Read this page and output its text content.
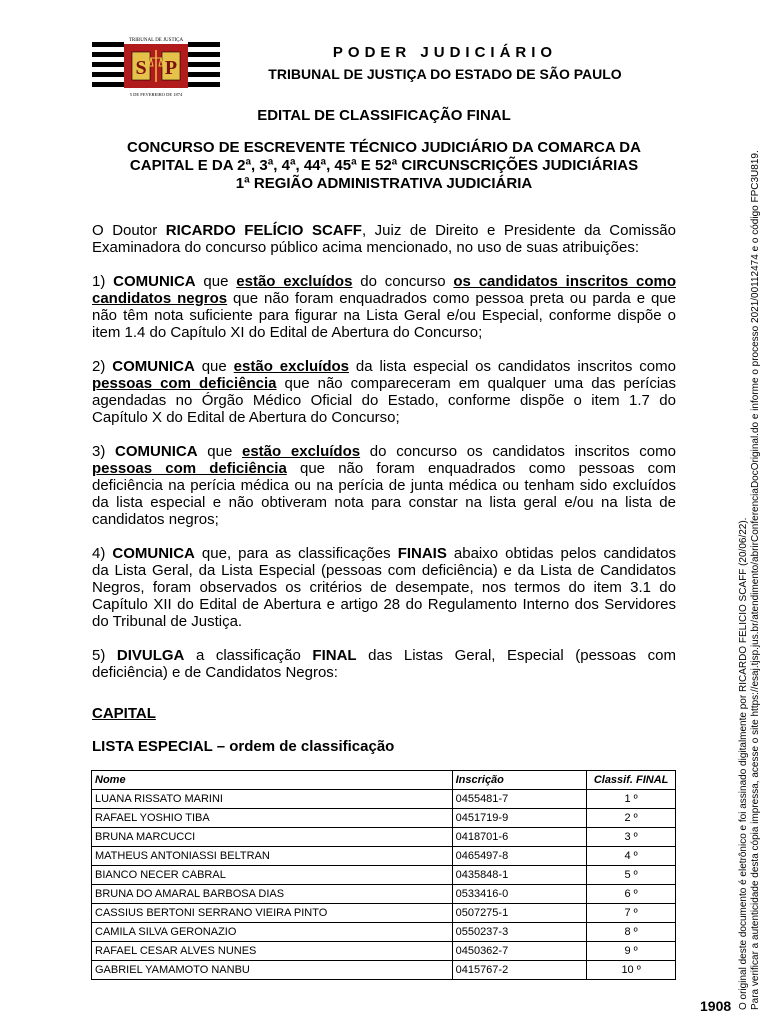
S P
TRIBUNAL DE JUSTIÇA
5 DE FEVEREIRO DE 1874
PODER JUDICIÁRIO
TRIBUNAL DE JUSTIÇA DO ESTADO DE SÃO PAULO
EDITAL DE CLASSIFICAÇÃO FINAL
CONCURSO DE ESCREVENTE TÉCNICO JUDICIÁRIO DA COMARCA DA
CAPITAL E DA 2ª, 3ª, 4ª, 44ª, 45ª E 52ª CIRCUNSCRIÇÕES JUDICIÁRIAS
1ª REGIÃO ADMINISTRATIVA JUDICIÁRIA
O Doutor RICARDO FELÍCIO SCAFF, Juiz de Direito e Presidente da Comissão
Examinadora do concurso público acima mencionado, no uso de suas atribuições:
1) COMUNICA que estão excluídos do concurso os candidatos inscritos como
candidatos negros que não foram enquadrados como pessoa preta ou parda e que
não têm nota suficiente para figurar na Lista Geral e/ou Especial, conforme dispõe o
item 1.4 do Capítulo XI do Edital de Abertura do Concurso;
2) COMUNICA que estão excluídos da lista especial os candidatos inscritos como
pessoas com deficiência que não compareceram em qualquer uma das perícias
agendadas no Órgão Médico Oficial do Estado, conforme dispõe o item 1.7 do
Capítulo X do Edital de Abertura do Concurso;
3) COMUNICA que estão excluídos do concurso os candidatos inscritos como
pessoas com deficiência que não foram enquadrados como pessoas com
deficiência na perícia médica ou na perícia de junta médica ou tenham sido excluídos
da lista especial e não obtiveram nota para constar na lista geral e/ou na lista de
candidatos negros;
4) COMUNICA que, para as classificações FINAIS abaixo obtidas pelos candidatos
da Lista Geral, da Lista Especial (pessoas com deficiência) e da Lista de Candidatos
Negros, foram observados os critérios de desempate, nos termos do item 3.1 do
Capítulo XII do Edital de Abertura e artigo 28 do Regulamento Interno dos Servidores
do Tribunal de Justiça.
5) DIVULGA a classificação FINAL das Listas Geral, Especial (pessoas com
deficiência) e de Candidatos Negros:
CAPITAL
LISTA ESPECIAL – ordem de classificação
Nome	Inscrição	Classif. FINAL
LUANA RISSATO MARINI	0455481-7	1 º
RAFAEL YOSHIO TIBA	0451719-9	2 º
BRUNA MARCUCCI	0418701-6	3 º
MATHEUS ANTONIASSI BELTRAN	0465497-8	4 º
BIANCO NECER CABRAL	0435848-1	5 º
BRUNA DO AMARAL BARBOSA DIAS	0533416-0	6 º
CASSIUS BERTONI SERRANO VIEIRA PINTO	0507275-1	7 º
CAMILA SILVA GERONAZIO	0550237-3	8 º
RAFAEL CESAR ALVES NUNES	0450362-7	9 º
GABRIEL YAMAMOTO NANBU	0415767-2	10 º	O original deste documento é eletrônico e foi assinado digitalmente por RICARDO FELICIO SCAFF (20/06/22). Para verificar a autenticidade desta cópia impressa, acesse o site https://esaj.tjsp.jus.br/atendimento/abrirConferenciaDocOriginal.do e informe o processo 2021/00112474 e o código FPC3U819.
1908
